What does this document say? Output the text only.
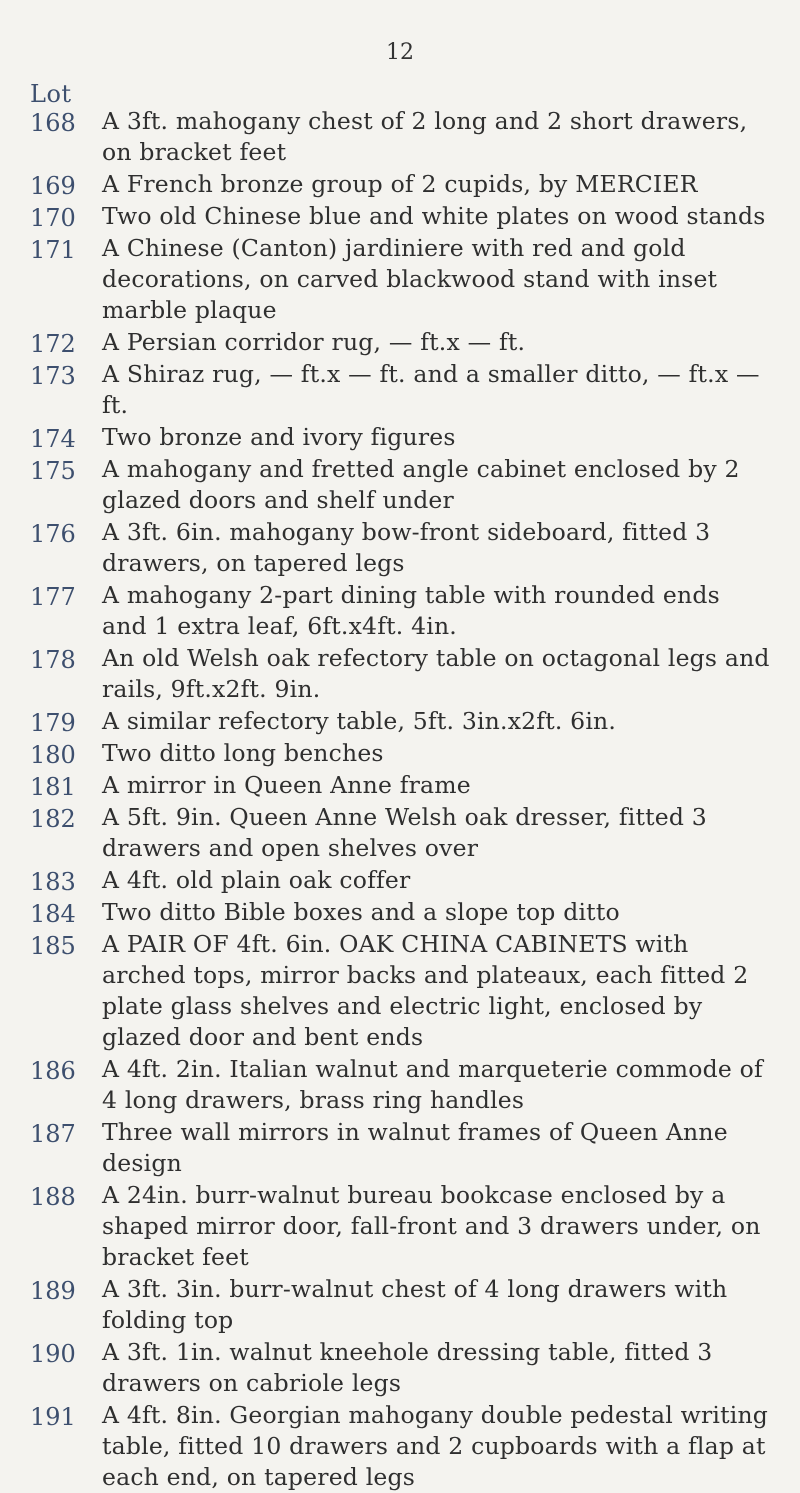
12
Lot
168	A 3ft. mahogany chest of 2 long and 2 short drawers, on bracket feet
169	A French bronze group of 2 cupids, by MERCIER
170	Two old Chinese blue and white plates on wood stands
171	A Chinese (Canton) jardiniere with red and gold decorations, on carved blackwood stand with inset marble plaque
172	A Persian corridor rug, — ft.x — ft.
173	A Shiraz rug, — ft.x — ft. and a smaller ditto, — ft.x — ft.
174	Two bronze and ivory figures
175	A mahogany and fretted angle cabinet enclosed by 2 glazed doors and shelf under
176	A 3ft. 6in. mahogany bow-front sideboard, fitted 3 drawers, on tapered legs
177	A mahogany 2-part dining table with rounded ends and 1 extra leaf, 6ft.x4ft. 4in.
178	An old Welsh oak refectory table on octagonal legs and rails, 9ft.x2ft. 9in.
179	A similar refectory table, 5ft. 3in.x2ft. 6in.
180	Two ditto long benches
181	A mirror in Queen Anne frame
182	A 5ft. 9in. Queen Anne Welsh oak dresser, fitted 3 drawers and open shelves over
183	A 4ft. old plain oak coffer
184	Two ditto Bible boxes and a slope top ditto
185	A PAIR OF 4ft. 6in. OAK CHINA CABINETS with arched tops, mirror backs and plateaux, each fitted 2 plate glass shelves and electric light, enclosed by glazed door and bent ends
186	A 4ft. 2in. Italian walnut and marqueterie commode of 4 long drawers, brass ring handles
187	Three wall mirrors in walnut frames of Queen Anne design
188	A 24in. burr-walnut bureau bookcase enclosed by a shaped mirror door, fall-front and 3 drawers under, on bracket feet
189	A 3ft. 3in. burr-walnut chest of 4 long drawers with folding top
190	A 3ft. 1in. walnut kneehole dressing table, fitted 3 drawers on cabriole legs
191	A 4ft. 8in. Georgian mahogany double pedestal writing table, fitted 10 drawers and 2 cupboards with a flap at each end, on tapered legs
